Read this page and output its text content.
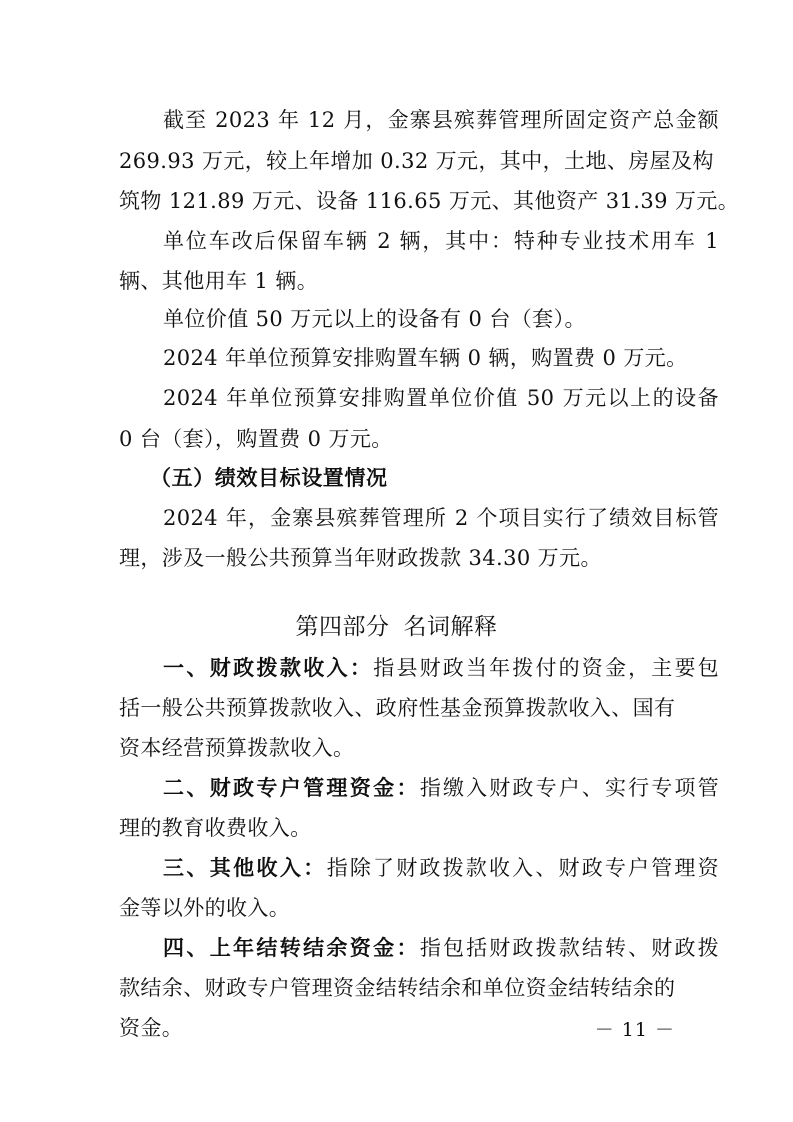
截至 2023 年 12 月，金寨县殡葬管理所固定资产总金额
269.93 万元，较上年增加 0.32 万元，其中，土地、房屋及构
筑物 121.89 万元、设备 116.65 万元、其他资产 31.39 万元。
单位车改后保留车辆 2 辆，其中：特种专业技术用车 1
辆、其他用车 1 辆。
单位价值 50 万元以上的设备有 0 台（套）。
2024 年单位预算安排购置车辆 0 辆，购置费 0 万元。
2024 年单位预算安排购置单位价值 50 万元以上的设备
0 台（套），购置费 0 万元。
（五）绩效目标设置情况
2024 年，金寨县殡葬管理所 2 个项目实行了绩效目标管
理，涉及一般公共预算当年财政拨款 34.30 万元。
第四部分 名词解释
一、财政拨款收入：指县财政当年拨付的资金，主要包
括一般公共预算拨款收入、政府性基金预算拨款收入、国有
资本经营预算拨款收入。
二、财政专户管理资金：指缴入财政专户、实行专项管
理的教育收费收入。
三、其他收入：指除了财政拨款收入、财政专户管理资
金等以外的收入。
四、上年结转结余资金：指包括财政拨款结转、财政拨
款结余、财政专户管理资金结转结余和单位资金结转结余的
资金。	－ 11 －
